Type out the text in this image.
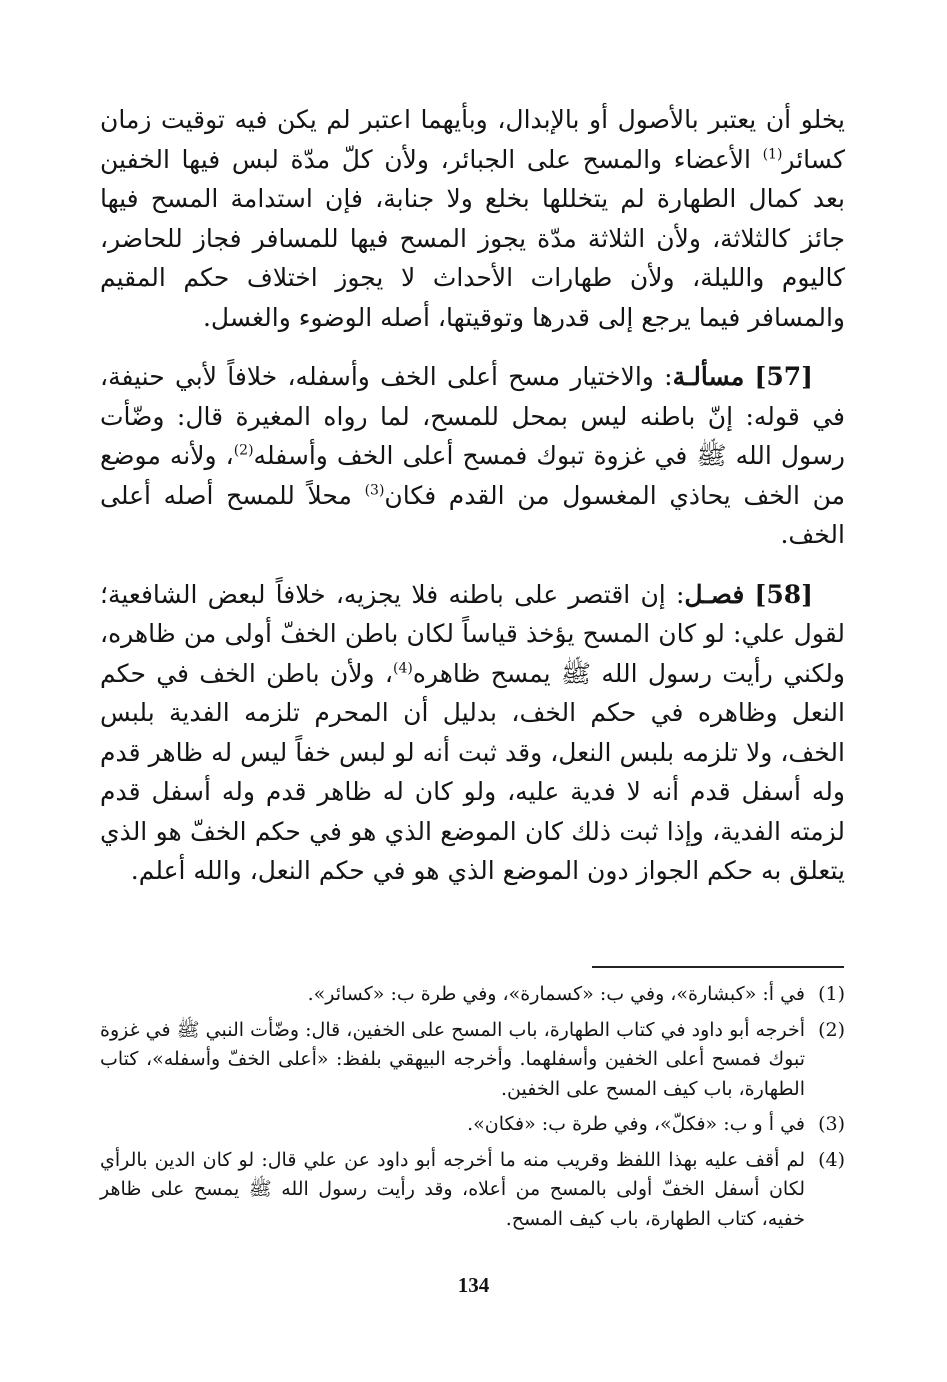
يخلو أن يعتبر بالأصول أو بالإبدال، وبأيهما اعتبر لم يكن فيه توقيت زمان كسائر$^{(1)}$ الأعضاء والمسح على الجبائر، ولأن كلّ مدّة لبس فيها الخفين بعد كمال الطهارة لم يتخللها بخلع ولا جنابة، فإن استدامة المسح فيها جائز كالثلاثة، ولأن الثلاثة مدّة يجوز المسح فيها للمسافر فجاز للحاضر، كاليوم والليلة، ولأن طهارات الأحداث لا يجوز اختلاف حكم المقيم والمسافر فيما يرجع إلى قدرها وتوقيتها، أصله الوضوء والغسل.

[57] مسألـة: والاختيار مسح أعلى الخف وأسفله، خلافاً لأبي حنيفة، في قوله: إنّ باطنه ليس بمحل للمسح، لما رواه المغيرة قال: وضّأت رسول الله ﷺ في غزوة تبوك فمسح أعلى الخف وأسفله$^{(2)}$، ولأنه موضع من الخف يحاذي المغسول من القدم فكان$^{(3)}$ محلاً للمسح أصله أعلى الخف.

[58] فصـل: إن اقتصر على باطنه فلا يجزيه، خلافاً لبعض الشافعية؛ لقول علي: لو كان المسح يؤخذ قياساً لكان باطن الخفّ أولى من ظاهره، ولكني رأيت رسول الله ﷺ يمسح ظاهره$^{(4)}$، ولأن باطن الخف في حكم النعل وظاهره في حكم الخف، بدليل أن المحرم تلزمه الفدية بلبس الخف، ولا تلزمه بلبس النعل، وقد ثبت أنه لو لبس خفاً ليس له ظاهر قدم وله أسفل قدم أنه لا فدية عليه، ولو كان له ظاهر قدم وله أسفل قدم لزمته الفدية، وإذا ثبت ذلك كان الموضع الذي هو في حكم الخفّ هو الذي يتعلق به حكم الجواز دون الموضع الذي هو في حكم النعل، والله أعلم.

(1)
في أ: «كبشارة»، وفي ب: «كسمارة»، وفي طرة ب: «كسائر».
(2)
أخرجه أبو داود في كتاب الطهارة، باب المسح على الخفين، قال: وضّأت النبي ﷺ في غزوة تبوك فمسح أعلى الخفين وأسفلهما. وأخرجه البيهقي بلفظ: «أعلى الخفّ وأسفله»، كتاب الطهارة، باب كيف المسح على الخفين.
(3)
في أ و ب: «فكلّ»، وفي طرة ب: «فكان».
(4)
لم أقف عليه بهذا اللفظ وقريب منه ما أخرجه أبو داود عن علي قال: لو كان الدين بالرأي لكان أسفل الخفّ أولى بالمسح من أعلاه، وقد رأيت رسول الله ﷺ يمسح على ظاهر خفيه، كتاب الطهارة، باب كيف المسح.
134
